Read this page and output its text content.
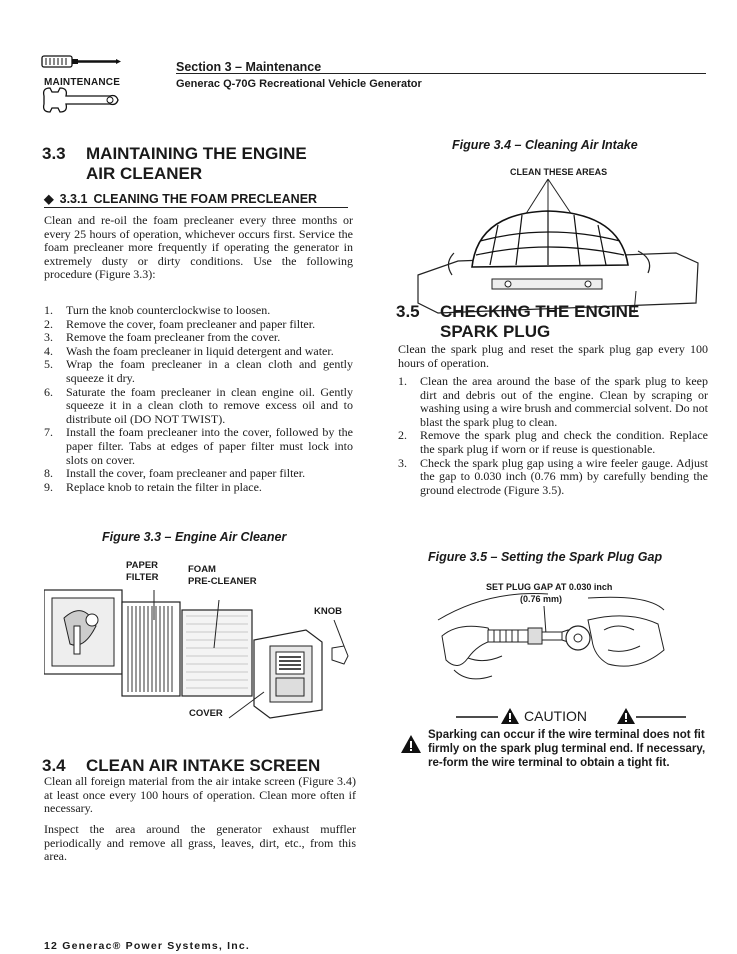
MAINTENANCE
Section 3 – Maintenance
Generac Q-70G Recreational Vehicle Generator
3.3 MAINTAINING THE ENGINE
AIR CLEANER
◆ 3.3.1 CLEANING THE FOAM PRECLEANER
Clean and re-oil the foam precleaner every three months or every 25 hours of operation, whichever occurs first. Service the foam precleaner more frequently if operating the generator in extremely dusty or dirty conditions. Use the following procedure (Figure 3.3):
1. Turn the knob counterclockwise to loosen.
2. Remove the cover, foam precleaner and paper filter.
3. Remove the foam precleaner from the cover.
4. Wash the foam precleaner in liquid detergent and water.
5. Wrap the foam precleaner in a clean cloth and gently squeeze it dry.
6. Saturate the foam precleaner in clean engine oil. Gently squeeze it in a clean cloth to remove excess oil and to distribute oil (DO NOT TWIST).
7. Install the foam precleaner into the cover, followed by the paper filter. Tabs at edges of paper filter must lock into slots on cover.
8. Install the cover, foam precleaner and paper filter.
9. Replace knob to retain the filter in place.
Figure 3.3 – Engine Air Cleaner
PAPER
FILTER
FOAM
PRE-CLEANER
KNOB
COVER
3.4 CLEAN AIR INTAKE SCREEN
Clean all foreign material from the air intake screen (Figure 3.4) at least once every 100 hours of operation. Clean more often if necessary.
Inspect the area around the generator exhaust muffler periodically and remove all grass, leaves, dirt, etc., from this area.
Figure 3.4 – Cleaning Air Intake
CLEAN THESE AREAS
3.5 CHECKING THE ENGINE
SPARK PLUG
Clean the spark plug and reset the spark plug gap every 100 hours of operation.
1. Clean the area around the base of the spark plug to keep dirt and debris out of the engine. Clean by scraping or washing using a wire brush and commercial solvent. Do not blast the spark plug to clean.
2. Remove the spark plug and check the condition. Replace the spark plug if worn or if reuse is questionable.
3. Check the spark plug gap using a wire feeler gauge. Adjust the gap to 0.030 inch (0.76 mm) by carefully bending the ground electrode (Figure 3.5).
Figure 3.5 – Setting the Spark Plug Gap
SET PLUG GAP AT 0.030 inch
(0.76 mm)
CAUTION
Sparking can occur if the wire terminal does not fit firmly on the spark plug terminal end. If necessary, re-form the wire terminal to obtain a tight fit.
12 Generac® Power Systems, Inc.
